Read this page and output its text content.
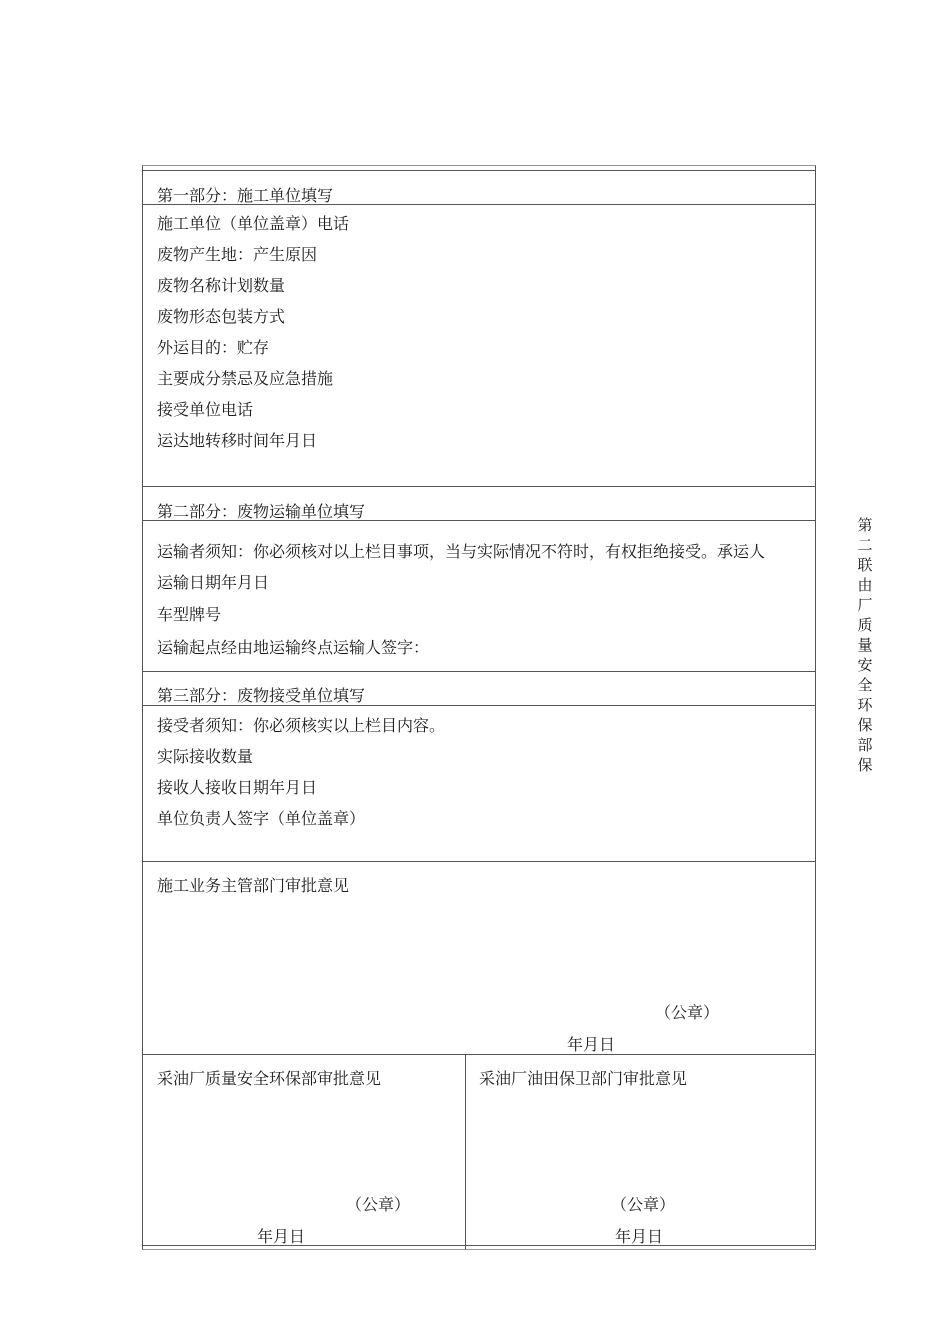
第一部分：施工单位填写
施工单位（单位盖章）电话
废物产生地：产生原因
废物名称计划数量
废物形态包装方式
外运目的：贮存
主要成分禁忌及应急措施
接受单位电话
运达地转移时间年月日
第二部分：废物运输单位填写
运输者须知：你必须核对以上栏目事项，当与实际情况不符时，有权拒绝接受。承运人
运输日期年月日
车型牌号
运输起点经由地运输终点运输人签字：
第三部分：废物接受单位填写
接受者须知：你必须核实以上栏目内容。
实际接收数量
接收人接收日期年月日
单位负责人签字（单位盖章）
施工业务主管部门审批意见
（公章）
年月日
采油厂质量安全环保部审批意见
（公章）
年月日
采油厂油田保卫部门审批意见
（公章）
年月日
第
二
联
由
厂
质
量
安
全
环
保
部
保
